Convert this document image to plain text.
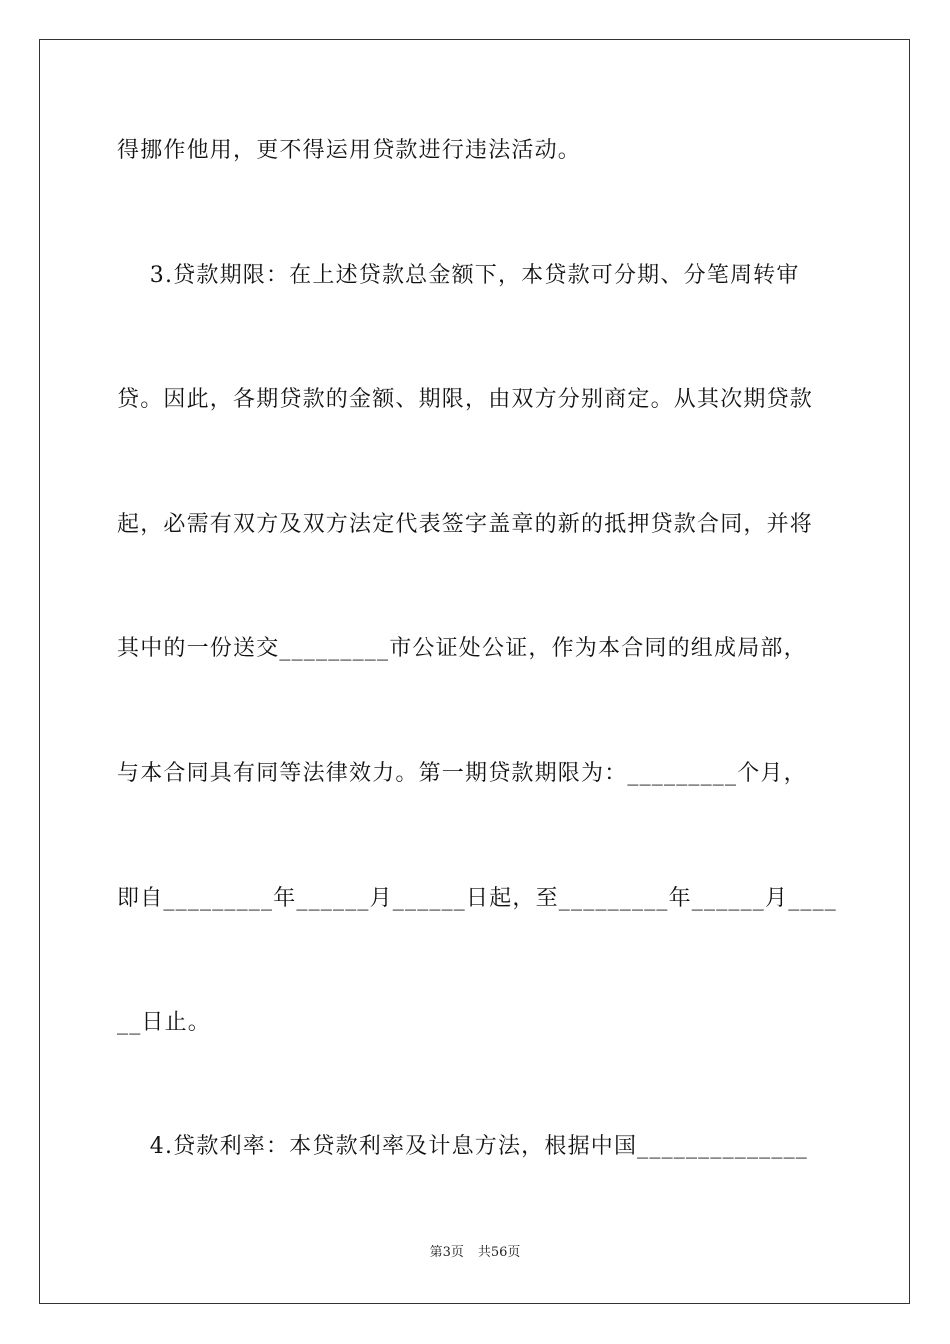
得挪作他用，更不得运用贷款进行违法活动。
3.贷款期限：在上述贷款总金额下，本贷款可分期、分笔周转审
贷。因此，各期贷款的金额、期限，由双方分别商定。从其次期贷款
起，必需有双方及双方法定代表签字盖章的新的抵押贷款合同，并将
其中的一份送交_________市公证处公证，作为本合同的组成局部，
与本合同具有同等法律效力。第一期贷款期限为：_________个月，
即自_________年______月______日起，至_________年______月____
__日止。
4.贷款利率：本贷款利率及计息方法，根据中国______________
第3页 共56页
